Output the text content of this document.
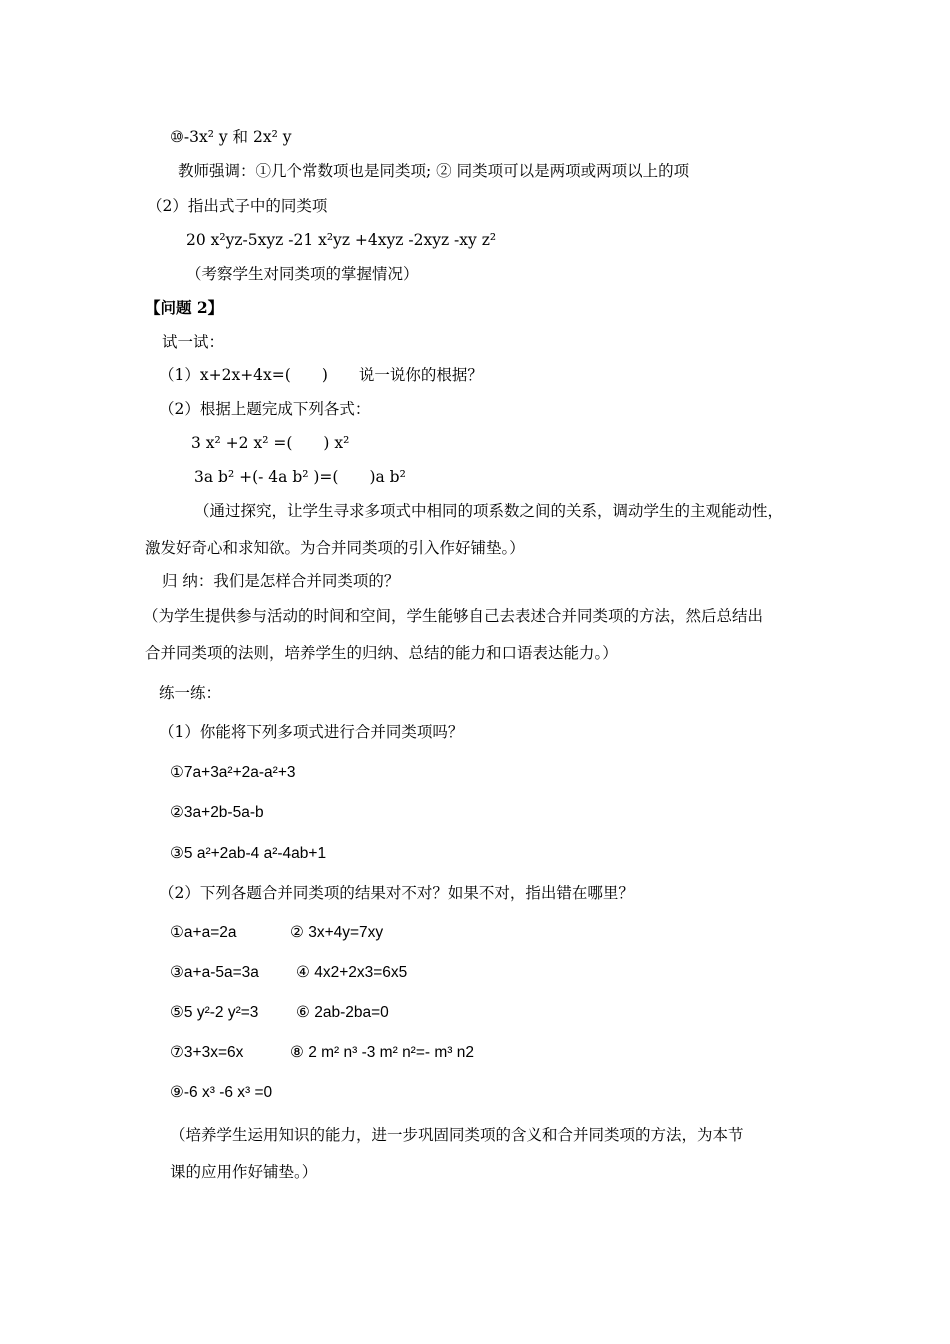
⑩-3x² y 和 2x² y
教师强调：①几个常数项也是同类项; ② 同类项可以是两项或两项以上的项
（2）指出式子中的同类项
20 x²yz-5xyz -21 x²yz +4xyz -2xyz -xy z²
（考察学生对同类项的掌握情况）
【问题 2】
试一试：
（1）x+2x+4x=(　　)　　说一说你的根据？
（2）根据上题完成下列各式：
3 x² +2 x² =(　　) x²
3a b² +(- 4a b² )=(　　)a b²
（通过探究，让学生寻求多项式中相同的项系数之间的关系，调动学生的主观能动性，
激发好奇心和求知欲。为合并同类项的引入作好铺垫。）
归 纳：我们是怎样合并同类项的？
（为学生提供参与活动的时间和空间，学生能够自己去表述合并同类项的方法，然后总结出
合并同类项的法则，培养学生的归纳、总结的能力和口语表达能力。）
练一练：
（1）你能将下列多项式进行合并同类项吗？
①7a+3a²+2a-a²+3
②3a+2b-5a-b
③5 a²+2ab-4 a²-4ab+1
（2）下列各题合并同类项的结果对不对？如果不对，指出错在哪里？
①a+a=2a	② 3x+4y=7xy
③a+a-5a=3a ④ 4x2+2x3=6x5
⑤5 y²-2 y²=3 ⑥ 2ab-2ba=0
⑦3+3x=6x	⑧ 2 m² n³ -3 m² n²=- m³ n2
⑨-6 x³ -6 x³ =0
（培养学生运用知识的能力，进一步巩固同类项的含义和合并同类项的方法，为本节
课的应用作好铺垫。）
